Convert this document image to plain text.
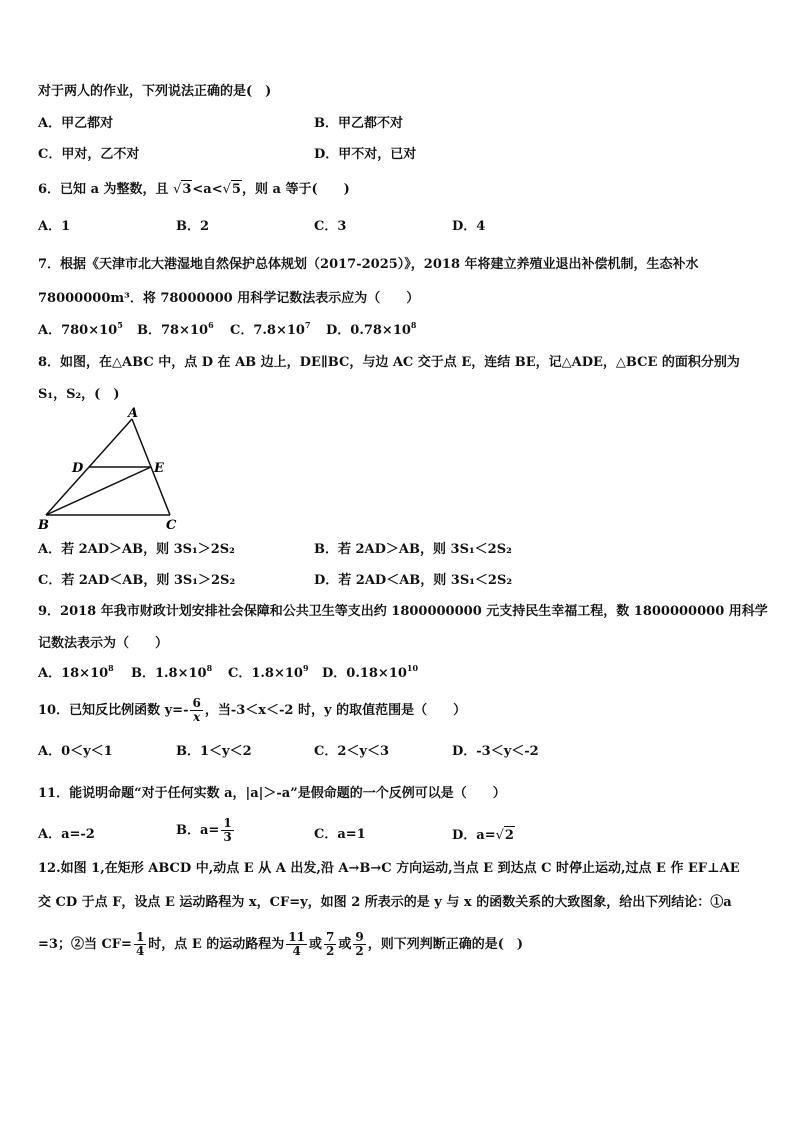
对于两人的作业，下列说法正确的是(　)
A．甲乙都对	B．甲乙都不对
C．甲对，乙不对	D．甲不对，已对
6．已知 a 为整数，且 √3<a<√5，则 a 等于(　　)
A．1	B．2	C．3	D．4
7．根据《天津市北大港湿地自然保护总体规划（2017-2025）》，2018 年将建立养殖业退出补偿机制，生态补水
78000000m³．将 78000000 用科学记数法表示应为（　　）
A．$780\times 10^5$ B．$78\times 10^6$ C．$7.8\times 10^7$ D．$0.78\times 10^8$
8．如图，在△ABC 中，点 D 在 AB 边上，DE∥BC，与边 AC 交于点 E，连结 BE，记△ADE，△BCE 的面积分别为
S₁，S₂，(　)
A
D	E
B	C
A．若 2AD＞AB，则 3S₁＞2S₂	B．若 2AD＞AB，则 3S₁＜2S₂
C．若 2AD＜AB，则 3S₁＞2S₂	D．若 2AD＜AB，则 3S₁＜2S₂
9．2018 年我市财政计划安排社会保障和公共卫生等支出约 1800000000 元支持民生幸福工程，数 1800000000 用科学
记数法表示为（　　）
A．$18\times 10^8$ B．$1.8\times 10^8$ C．$1.8\times 10^9$ D．$0.18\times 10^{10}$
10．已知反比例函数 $y=- \frac{6}{x}$ ，当-3＜x＜-2 时，y 的取值范围是（　　）
A．0＜y＜1	B．1＜y＜2	C．2＜y＜3	D．-3＜y＜-2
11．能说明命题“对于任何实数 a，|a|＞-a”是假命题的一个反例可以是（　　）
A．a=-2	B．$a= \frac{1}{3}$	C．a=1	D．a=√2
12.如图 1,在矩形 ABCD 中,动点 E 从 A 出发,沿 A→B→C 方向运动,当点 E 到达点 C 时停止运动,过点 E 作 EF⊥AE
交 CD 于点 F，设点 E 运动路程为 x，CF=y，如图 2 所表示的是 y 与 x 的函数关系的大致图象，给出下列结论：①a
=3；②当 $CF= \frac{1}{4}$ 时，点 E 的运动路程为 $\frac{11}{4}$ 或 $\frac{7}{2}$ 或 $\frac{9}{2}$ ，则下列判断正确的是(　)
